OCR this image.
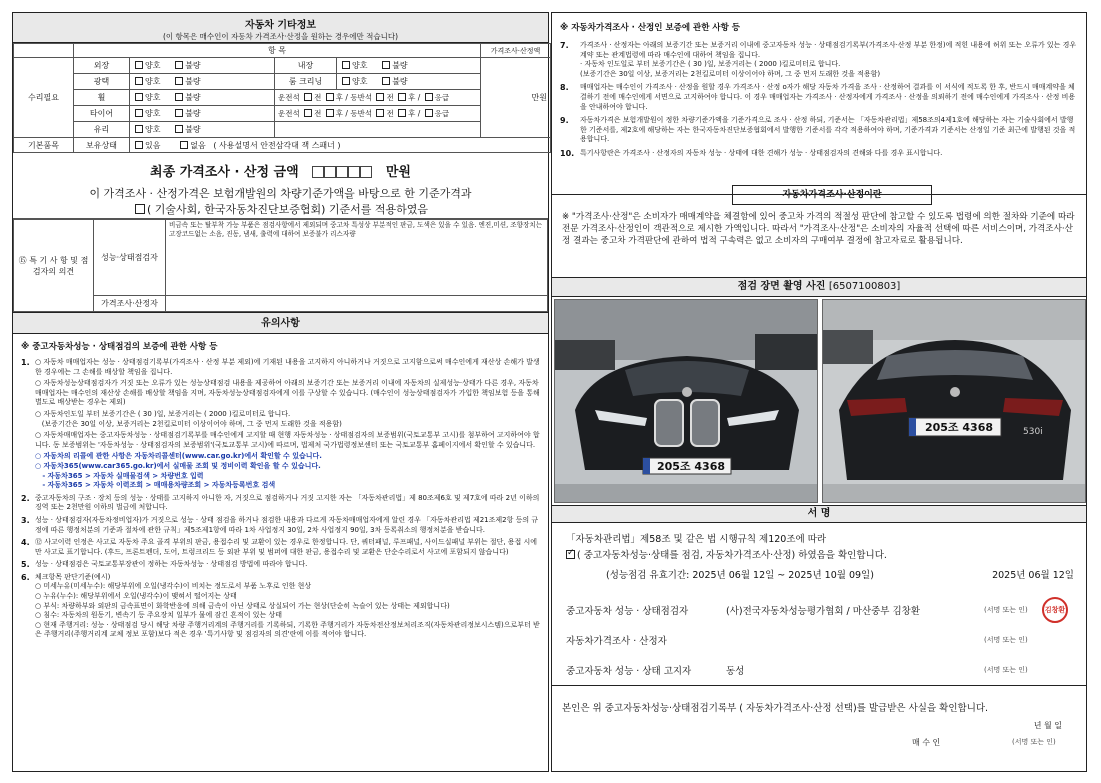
자동차 기타정보
(이 항목은 매수인이 자동차 가격조사·산정을 원하는 경우에만 적습니다)
	항 목				가격조사·산정액
수리필요	외장	양호 불량	내장	양호 불량	만원
	광택	양호 불량	룸 크리닝	양호 불량	
	휠	양호 불량	운전석 전 후 / 동반석 전 후 / 응급		
	타이어	양호 불량	운전석 전 후 / 동반석 전 후 / 응급		
	유리	양호 불량			
기본품목	보유상태	있음 없음 ( 사용설명서 안전삼각대 잭 스패너 )			
최종 가격조사 · 산정 금액	만원
이 가격조사 · 산정가격은 보험개발원의 차량기준가액을 바탕으로 한 기준가격과
( 기술사회, 한국자동차진단보증협회) 기준서를 적용하였음
⑮ 특 기 사 항 및 점검자의 의견	성능·상태점검자	비금속 또는 탈부착 가능 부품은 점검사항에서 제외되며 중고차 특성상 부분적인 판금, 도색은 있을 수 있음. 엔진,미션, 조향장치는 고장코드없는 소음, 진동, 냄새, 출력에 대하여 보증불가 리스자량
	가격조사·산정자	
유의사항
※ 중고자동차성능 · 상태점검의 보증에 관한 사항 등
1. ○ 자동차 매매업자는 성능 · 상태점검기록부(가격조사 · 산정 부분 제외)에 기재된 내용을 고지하지 아니하거나 거짓으로 고지함으로써 매수인에게 재산상 손해가 발생한 경우에는 그 손해를 배상할 책임을 집니다.
○ 자동차성능상태점검자가 거짓 또는 오류가 있는 성능상태점검 내용을 제공하여 아래의 보증기간 또는 보증거리 이내에 자동차의 실제성능·상태가 다른 경우, 자동차매매업자는 매수인의 재산상 손해를 배상할 책임을 지며, 자동차성능상태점검자에게 이를 구상할 수 있습니다. (매수인이 성능상태점검자가 가입한 책임보험 등을 통해 별도로 배상받는 경우는 제외)
○ 자동차인도일 부터 보증기간은 ( 30 )일, 보증거리는 ( 2000 )킬로미터로 합니다.
(보증기간은 30일 이상, 보증거리는 2천킬로미터 이상이어야 하며, 그 중 먼저 도래한 것을 적용함)
○ 자동차매매업자는 중고자동차성능 · 상태점검기록부를 매수인에게 고지할 때 현행 자동차성능 · 상태점검자의 보증범위(국토교통부 고시)를 첨부하여 고지하여야 합니다. 동 보증범위는 '자동차성능 · 상태점검자의 보증범위'(국토교통부 고시)에 따르며, 법제처 국가법령정보센터 또는 국토교통부 홈페이지에서 확인할 수 있습니다.
○ 자동차의 리콜에 관한 사항은 자동차리콜센터(www.car.go.kr)에서 확인할 수 있습니다.
○ 자동차365(www.car365.go.kr)에서 실매물 조회 및 정비이력 확인을 할 수 있습니다.
- 자동차365 > 자동차 실매물검색 > 차량번호 입력
- 자동차365 > 자동차 이력조회 > 매매용차량조회 > 자동차등록번호 검색
2. 중고자동차의 구조 · 장치 등의 성능 · 상태를 고지하지 아니한 자, 거짓으로 점검하거나 거짓 고지한 자는 「자동차관리법」제 80조제6호 및 제7호에 따라 2년 이하의 징역 또는 2천만원 이하의 벌금에 처합니다.
3. 성능 · 상태점검자(자동차정비업자)가 거짓으로 성능 · 상태 점검을 하거나 점검한 내용과 다르게 자동차매매업자에게 알린 경우 「자동차관리법 제21조제2항 등의 규정에 따른 행정처분의 기준과 절차에 관한 규칙」제5조제1항에 따라 1차 사업정지 30일, 2차 사업정지 90일, 3차 등록취소의 행정처분을 받습니다.
4. ⑫ 사고이력 인정은 사고로 자동차 주요 골격 부위의 판금, 용접수리 및 교환이 있는 경우로 한정합니다. 단, 쿼터패널, 루프패널, 사이드실패널 부위는 절단, 용접 시에만 사고로 표기합니다. (후드, 프론트펜더, 도어, 트렁크리드 등 외판 부위 및 범퍼에 대한 판금, 용접수리 및 교환은 단순수리로서 사고에 포함되지 않습니다)
5. 성능 · 상태점검은 국토교통부장관이 정하는 자동차성능 · 상태점검 방법에 따라야 합니다.
6. 체크항목 판단기준(예시)
○ 미세누유(미세누수): 해당부위에 오일(냉각수)이 비치는 정도로서 부품 노후로 인한 현상
○ 누유(누수): 해당부위에서 오일(냉각수)이 맺혀서 떨어지는 상태
○ 부식: 차량하부와 외판의 금속표면이 화학반응에 의해 금속이 아닌 상태로 상실되어 가는 현상(단순히 녹슬어 있는 상태는 제외합니다)
○ 침수: 자동차의 원동기, 변속기 등 주요장치 일부가 물에 잠긴 흔적이 있는 상태
○ 현재 주행거리: 성능 · 상태점검 당시 해당 차량 주행거리계의 주행거리를 기록하되, 기록한 주행거리가 자동차전산정보처리조직(자동차관리정보시스템)으로부터 받은 주행거리(주행거리계 교체 정보 포함)보다 적은 경우 '특기사항 및 점검자의 의견'란에 이를 적어야 합니다.
※ 자동차가격조사 · 산정인 보증에 관한 사항 등
7.	가격조사 · 산정자는 아래의 보증기간 또는 보증거리 이내에 중고자동차 성능 · 상태점검기록부(가격조사·산정 부분 한정)에 적힌 내용에 허위 또는 오류가 있는 경우 계약 또는 관계법령에 따라 매수인에 대하여 책임을 집니다.
· 자동차 인도일로 부터 보증기간은 ( 30 )일, 보증거리는 ( 2000 )킬로미터로 합니다.
(보증기간은 30일 이상, 보증거리는 2천킬로미터 이상이어야 하며, 그 중 먼저 도래한 것을 적용함)
8.	매매업자는 매수인이 가격조사 · 산정을 원할 경우 가격조사 · 산정 o자가 해당 자동차 가격을 조사 · 산정하여 결과를 이 서식에 적도록 한 후, 반드시 매매계약을 체결하기 전에 매수인에게 서면으로 고지하여야 합니다. 이 경우 매매업자는 가격조사 · 산정자에게 가격조사 · 산정을 의뢰하기 전에 매수인에게 가격조사 · 산정 비용을 안내하여야 합니다.
9.	자동차가격은 보험개발원이 정한 차량기준가액을 기준가격으로 조사 · 산정 하되, 기준서는 「자동차관리법」제58조의4제1호에 해당하는 자는 기술사회에서 발행한 기준서를, 제2호에 해당하는 자는 한국자동차진단보증협회에서 발행한 기준서를 각각 적용하여야 하며, 기준가격과 기준서는 산정일 기준 최근에 발행된 것을 적용합니다.
10. 특기사항란은 가격조사 · 산정자의 자동차 성능 · 상태에 대한 견해가 성능 · 상태점검자의 견해와 다를 경우 표시합니다.
자동차가격조사·산정이란
※ "가격조사·산정"은 소비자가 매매계약을 체결함에 있어 중고차 가격의 적절성 판단에 참고할 수 있도록 법령에 의한 절차와 기준에 따라 전문 가격조사·산정인이 객관적으로 제시한 가액입니다. 따라서 "가격조사·산정"은 소비자의 자율적 선택에 따른 서비스이며, 가격조사·산정 결과는 중고차 가격판단에 관하여 법적 구속력은 없고 소비자의 구매여부 결정에 참고자료로 활용됩니다.
점검 장면 촬영 사진 [6507100803]
205조 4368
530i
205조 4368
서 명
「자동차관리법」제58조 및 같은 법 시행규칙 제120조에 따라
✓( 중고자동차성능·상태를 점검, 자동차가격조사·산정) 하였음을 확인합니다.
(성능점검 유효기간: 2025년 06월 12일 ~ 2025년 10월 09일)	2025년 06월 12일
중고자동차 성능 · 상태점검자	(사)전국자동차성능평가협회 / 마산중부 김창환	(서명 또는 인)
자동차가격조사 · 산정자	(서명 또는 인)
중고자동차 성능 · 상태 고지자	동성	(서명 또는 인)
김창환
본인은 위 중고자동차성능·상태점검기록부 ( 자동차가격조사·산정 선택)를 발급받은 사실을 확인합니다.
년 월 일
매 수 인	(서명 또는 인)
